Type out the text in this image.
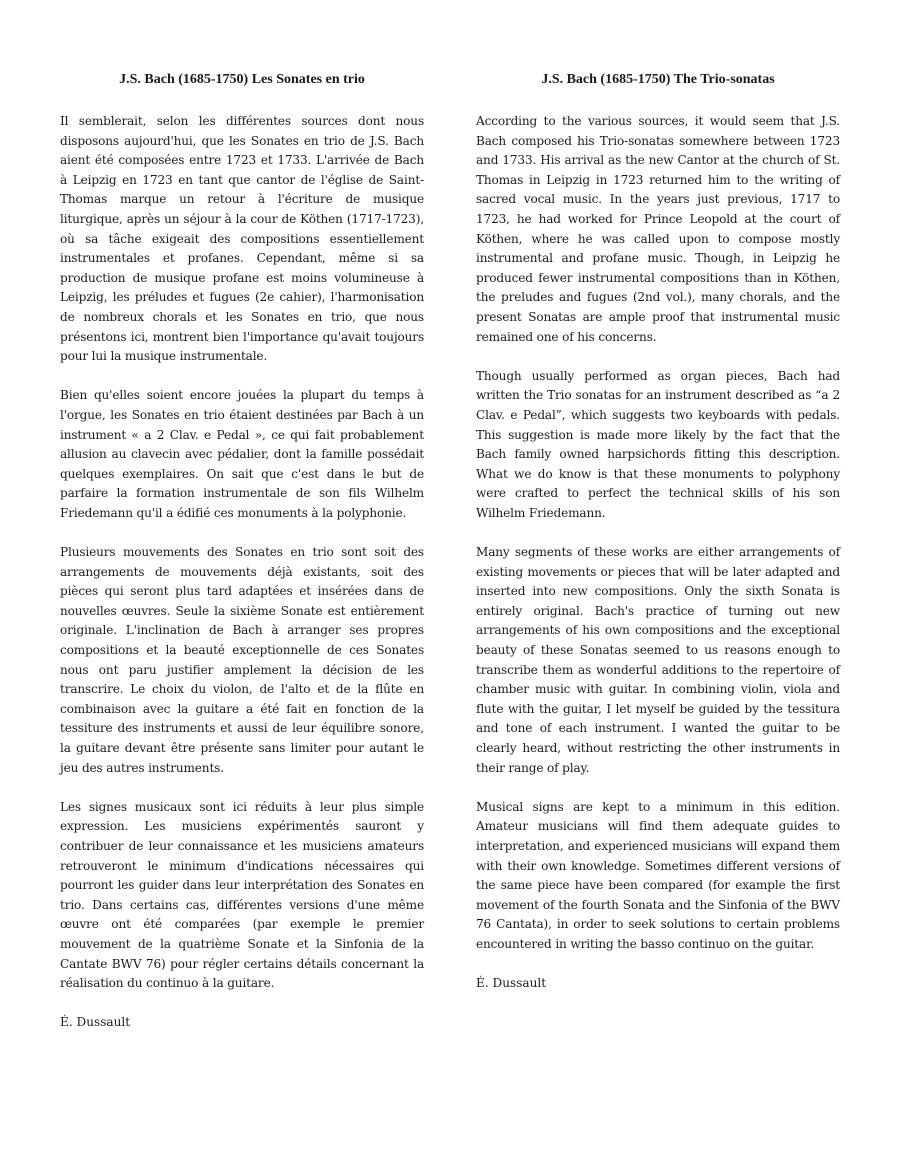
J.S. Bach (1685-1750) Les Sonates en trio

Il semblerait, selon les différentes sources dont nous disposons aujourd'hui, que les Sonates en trio de J.S. Bach aient été composées entre 1723 et 1733. L'arrivée de Bach à Leipzig en 1723 en tant que cantor de l'église de Saint-Thomas marque un retour à l'écriture de musique liturgique, après un séjour à la cour de Köthen (1717-1723), où sa tâche exigeait des compositions essentiellement instrumentales et profanes. Cependant, même si sa production de musique profane est moins volumineuse à Leipzig, les préludes et fugues (2e cahier), l'harmonisation de nombreux chorals et les Sonates en trio, que nous présentons ici, montrent bien l'importance qu'avait toujours pour lui la musique instrumentale.

Bien qu'elles soient encore jouées la plupart du temps à l'orgue, les Sonates en trio étaient destinées par Bach à un instrument « a 2 Clav. e Pedal », ce qui fait probablement allusion au clavecin avec pédalier, dont la famille possédait quelques exemplaires. On sait que c'est dans le but de parfaire la formation instrumentale de son fils Wilhelm Friedemann qu'il a édifié ces monuments à la polyphonie.

Plusieurs mouvements des Sonates en trio sont soit des arrangements de mouvements déjà existants, soit des pièces qui seront plus tard adaptées et insérées dans de nouvelles œuvres. Seule la sixième Sonate est entièrement originale. L'inclination de Bach à arranger ses propres compositions et la beauté exceptionnelle de ces Sonates nous ont paru justifier amplement la décision de les transcrire. Le choix du violon, de l'alto et de la flûte en combinaison avec la guitare a été fait en fonction de la tessiture des instruments et aussi de leur équilibre sonore, la guitare devant être présente sans limiter pour autant le jeu des autres instruments.

Les signes musicaux sont ici réduits à leur plus simple expression. Les musiciens expérimentés sauront y contribuer de leur connaissance et les musiciens amateurs retrouveront le minimum d'indications nécessaires qui pourront les guider dans leur interprétation des Sonates en trio. Dans certains cas, différentes versions d'une même œuvre ont été comparées (par exemple le premier mouvement de la quatrième Sonate et la Sinfonia de la Cantate BWV 76) pour régler certains détails concernant la réalisation du continuo à la guitare.

É. Dussault

J.S. Bach (1685-1750) The Trio-sonatas

According to the various sources, it would seem that J.S. Bach composed his Trio-sonatas somewhere between 1723 and 1733. His arrival as the new Cantor at the church of St. Thomas in Leipzig in 1723 returned him to the writing of sacred vocal music. In the years just previous, 1717 to 1723, he had worked for Prince Leopold at the court of Köthen, where he was called upon to compose mostly instrumental and profane music. Though, in Leipzig he produced fewer instrumental compositions than in Köthen, the preludes and fugues (2nd vol.), many chorals, and the present Sonatas are ample proof that instrumental music remained one of his concerns.

Though usually performed as organ pieces, Bach had written the Trio sonatas for an instrument described as “a 2 Clav. e Pedal”, which suggests two keyboards with pedals. This suggestion is made more likely by the fact that the Bach family owned harpsichords fitting this description. What we do know is that these monuments to polyphony were crafted to perfect the technical skills of his son Wilhelm Friedemann.

Many segments of these works are either arrangements of existing movements or pieces that will be later adapted and inserted into new compositions. Only the sixth Sonata is entirely original. Bach's practice of turning out new arrangements of his own compositions and the exceptional beauty of these Sonatas seemed to us reasons enough to transcribe them as wonderful additions to the repertoire of chamber music with guitar. In combining violin, viola and flute with the guitar, I let myself be guided by the tessitura and tone of each instrument. I wanted the guitar to be clearly heard, without restricting the other instruments in their range of play.

Musical signs are kept to a minimum in this edition. Amateur musicians will find them adequate guides to interpretation, and experienced musicians will expand them with their own knowledge. Sometimes different versions of the same piece have been compared (for example the first movement of the fourth Sonata and the Sinfonia of the BWV 76 Cantata), in order to seek solutions to certain problems encountered in writing the basso continuo on the guitar.

É. Dussault
